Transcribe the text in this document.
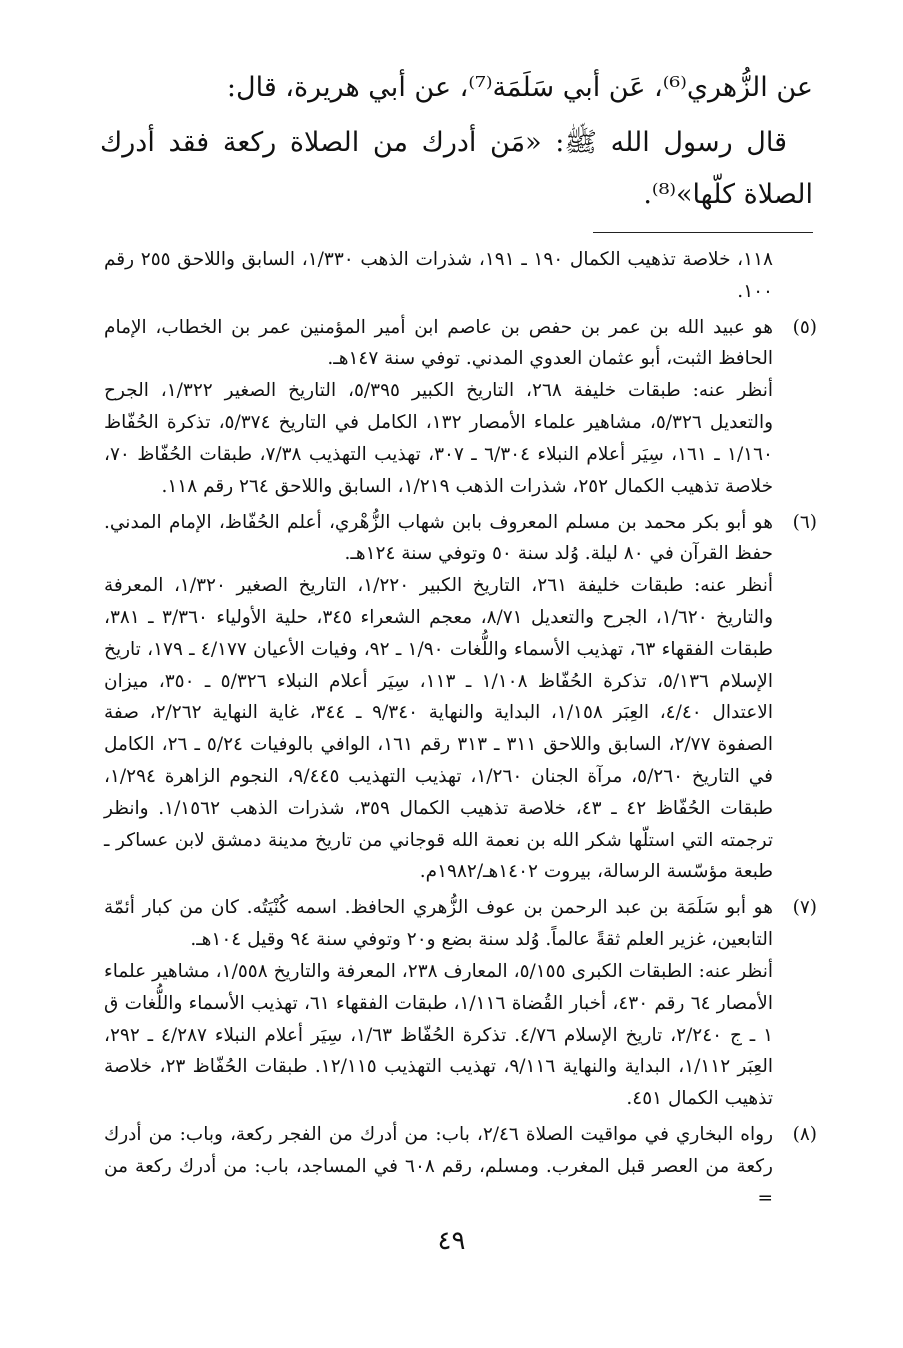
عن الزُّهري⁽⁶⁾، عَن أبي سَلَمَة⁽⁷⁾، عن أبي هريرة، قال:

قال رسول الله ﷺ: «مَن أدرك من الصلاة ركعة فقد أدرك الصلاة كلّها»⁽⁸⁾.

١١٨، خلاصة تذهيب الكمال ١٩٠ ـ ١٩١، شذرات الذهب ١/٣٣٠، السابق واللاحق ٢٥٥ رقم ١٠٠.
(٥)

هو عبيد الله بن عمر بن حفص بن عاصم ابن أمير المؤمنين عمر بن الخطاب، الإمام الحافظ الثبت، أبو عثمان العدوي المدني. توفي سنة ١٤٧هـ.

أنظر عنه: طبقات خليفة ٢٦٨، التاريخ الكبير ٥/٣٩٥، التاريخ الصغير ١/٣٢٢، الجرح والتعديل ٥/٣٢٦، مشاهير علماء الأمصار ١٣٢، الكامل في التاريخ ٥/٣٧٤، تذكرة الحُفّاظ ١/١٦٠ ـ ١٦١، سِيَر أعلام النبلاء ٦/٣٠٤ ـ ٣٠٧، تهذيب التهذيب ٧/٣٨، طبقات الحُفّاظ ٧٠، خلاصة تذهيب الكمال ٢٥٢، شذرات الذهب ١/٢١٩، السابق واللاحق ٢٦٤ رقم ١١٨.

(٦)

هو أبو بكر محمد بن مسلم المعروف بابن شهاب الزُّهْري، أعلم الحُفّاظ، الإمام المدني. حفظ القرآن في ٨٠ ليلة. وُلد سنة ٥٠ وتوفي سنة ١٢٤هـ.

أنظر عنه: طبقات خليفة ٢٦١، التاريخ الكبير ١/٢٢٠، التاريخ الصغير ١/٣٢٠، المعرفة والتاريخ ١/٦٢٠، الجرح والتعديل ٨/٧١، معجم الشعراء ٣٤٥، حلية الأولياء ٣/٣٦٠ ـ ٣٨١، طبقات الفقهاء ٦٣، تهذيب الأسماء واللُّغات ١/٩٠ ـ ٩٢، وفيات الأعيان ٤/١٧٧ ـ ١٧٩، تاريخ الإسلام ٥/١٣٦، تذكرة الحُفّاظ ١/١٠٨ ـ ١١٣، سِيَر أعلام النبلاء ٥/٣٢٦ ـ ٣٥٠، ميزان الاعتدال ٤/٤٠، العِبَر ١/١٥٨، البداية والنهاية ٩/٣٤٠ ـ ٣٤٤، غاية النهاية ٢/٢٦٢، صفة الصفوة ٢/٧٧، السابق واللاحق ٣١١ ـ ٣١٣ رقم ١٦١، الوافي بالوفيات ٥/٢٤ ـ ٢٦، الكامل في التاريخ ٥/٢٦٠، مرآة الجنان ١/٢٦٠، تهذيب التهذيب ٩/٤٤٥، النجوم الزاهرة ١/٢٩٤، طبقات الحُفّاظ ٤٢ ـ ٤٣، خلاصة تذهيب الكمال ٣٥٩، شذرات الذهب ١/١٥٦٢. وانظر ترجمته التي استلّها شكر الله بن نعمة الله قوجاني من تاريخ مدينة دمشق لابن عساكر ـ طبعة مؤسّسة الرسالة، بيروت ١٤٠٢هـ/١٩٨٢م.

(٧)

هو أبو سَلَمَة بن عبد الرحمن بن عوف الزُّهري الحافظ. اسمه كُنْيَتُه. كان من كبار أئمّة التابعين، غزير العلم ثقةً عالماً. وُلد سنة بضع و٢٠ وتوفي سنة ٩٤ وقيل ١٠٤هـ.

أنظر عنه: الطبقات الكبرى ٥/١٥٥، المعارف ٢٣٨، المعرفة والتاريخ ١/٥٥٨، مشاهير علماء الأمصار ٦٤ رقم ٤٣٠، أخبار القُضاة ١/١١٦، طبقات الفقهاء ٦١، تهذيب الأسماء واللُّغات ق ١ ـ ج ٢/٢٤٠، تاريخ الإسلام ٤/٧٦. تذكرة الحُفّاظ ١/٦٣، سِيَر أعلام النبلاء ٤/٢٨٧ ـ ٢٩٢، العِبَر ١/١١٢، البداية والنهاية ٩/١١٦، تهذيب التهذيب ١٢/١١٥. طبقات الحُفّاظ ٢٣، خلاصة تذهيب الكمال ٤٥١.

(٨)

رواه البخاري في مواقيت الصلاة ٢/٤٦، باب: من أدرك من الفجر ركعة، وباب: من أدرك ركعة من العصر قبل المغرب. ومسلم، رقم ٦٠٨ في المساجد، باب: من أدرك ركعة من =

٤٩
